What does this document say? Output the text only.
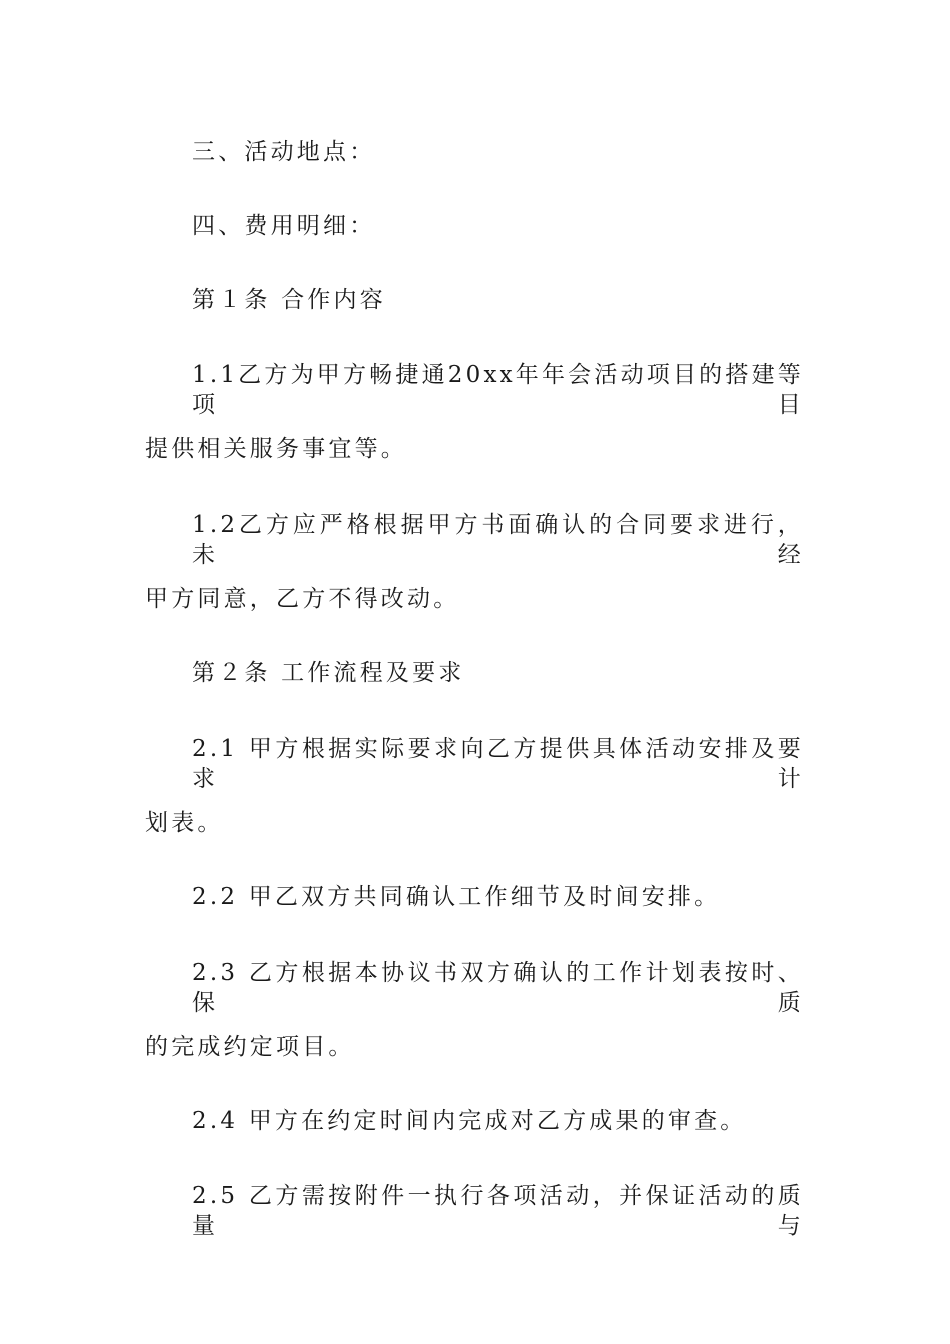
三、活动地点：
四、费用明细：
第１条 合作内容
1.1乙方为甲方畅捷通20xx年年会活动项目的搭建等项目
提供相关服务事宜等。
1.2乙方应严格根据甲方书面确认的合同要求进行，未经
甲方同意，乙方不得改动。
第２条 工作流程及要求
2.1 甲方根据实际要求向乙方提供具体活动安排及要求计
划表。
2.2 甲乙双方共同确认工作细节及时间安排。
2.3 乙方根据本协议书双方确认的工作计划表按时、保质
的完成约定项目。
2.4 甲方在约定时间内完成对乙方成果的审查。
2.5 乙方需按附件一执行各项活动，并保证活动的质量与
